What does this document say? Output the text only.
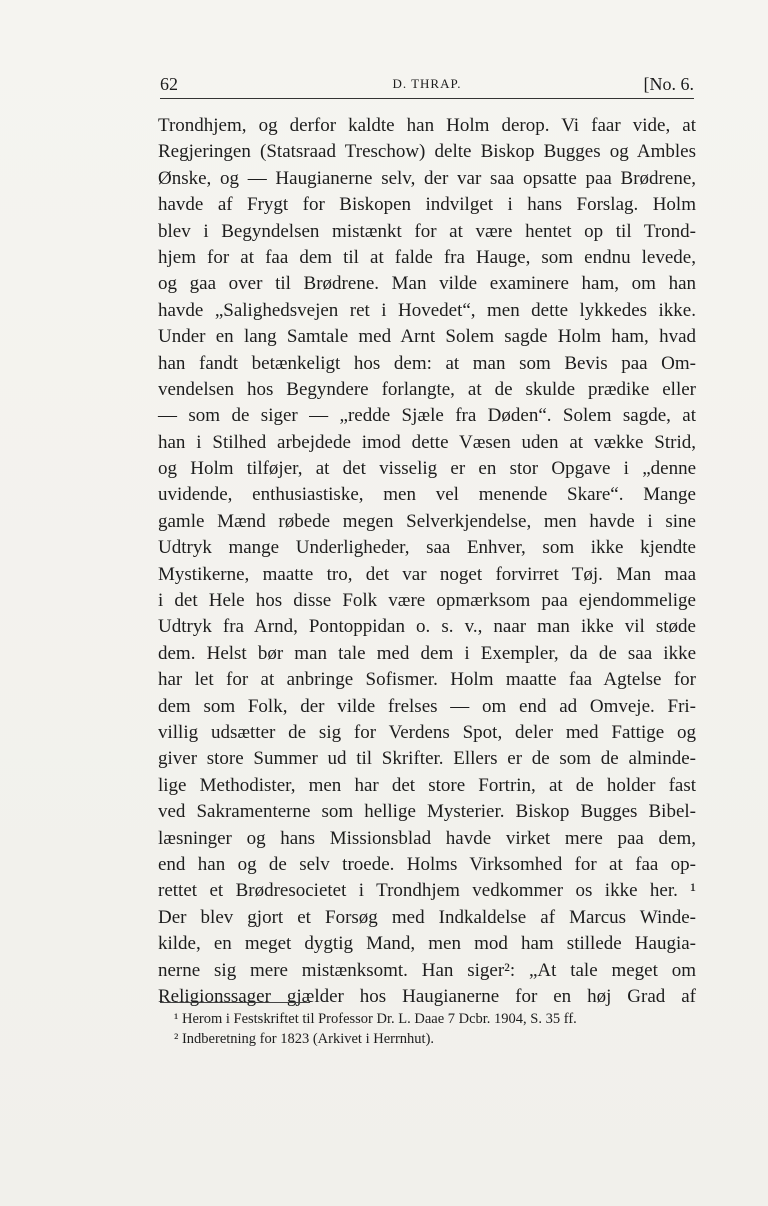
62	D. THRAP.	[No. 6.
Trondhjem, og derfor kaldte han Holm derop. Vi faar vide, at
Regjeringen (Statsraad Treschow) delte Biskop Bugges og Ambles
Ønske, og — Haugianerne selv, der var saa opsatte paa Brødrene,
havde af Frygt for Biskopen indvilget i hans Forslag. Holm
blev i Begyndelsen mistænkt for at være hentet op til Trond-
hjem for at faa dem til at falde fra Hauge, som endnu levede,
og gaa over til Brødrene. Man vilde examinere ham, om han
havde „Salighedsvejen ret i Hovedet“, men dette lykkedes ikke.
Under en lang Samtale med Arnt Solem sagde Holm ham, hvad
han fandt betænkeligt hos dem: at man som Bevis paa Om-
vendelsen hos Begyndere forlangte, at de skulde prædike eller
— som de siger — „redde Sjæle fra Døden“. Solem sagde, at
han i Stilhed arbejdede imod dette Væsen uden at vække Strid,
og Holm tilføjer, at det visselig er en stor Opgave i „denne
uvidende, enthusiastiske, men vel menende Skare“. Mange
gamle Mænd røbede megen Selverkjendelse, men havde i sine
Udtryk mange Underligheder, saa Enhver, som ikke kjendte
Mystikerne, maatte tro, det var noget forvirret Tøj. Man maa
i det Hele hos disse Folk være opmærksom paa ejendommelige
Udtryk fra Arnd, Pontoppidan o. s. v., naar man ikke vil støde
dem. Helst bør man tale med dem i Exempler, da de saa ikke
har let for at anbringe Sofismer. Holm maatte faa Agtelse for
dem som Folk, der vilde frelses — om end ad Omveje. Fri-
villig udsætter de sig for Verdens Spot, deler med Fattige og
giver store Summer ud til Skrifter. Ellers er de som de alminde-
lige Methodister, men har det store Fortrin, at de holder fast
ved Sakramenterne som hellige Mysterier. Biskop Bugges Bibel-
læsninger og hans Missionsblad havde virket mere paa dem,
end han og de selv troede. Holms Virksomhed for at faa op-
rettet et Brødresocietet i Trondhjem vedkommer os ikke her. ¹
Der blev gjort et Forsøg med Indkaldelse af Marcus Winde-
kilde, en meget dygtig Mand, men mod ham stillede Haugia-
nerne sig mere mistænksomt. Han siger²: „At tale meget om
Religionssager gjælder hos Haugianerne for en høj Grad af
¹ Herom i Festskriftet til Professor Dr. L. Daae 7 Dcbr. 1904, S. 35 ff.
² Indberetning for 1823 (Arkivet i Herrnhut).
